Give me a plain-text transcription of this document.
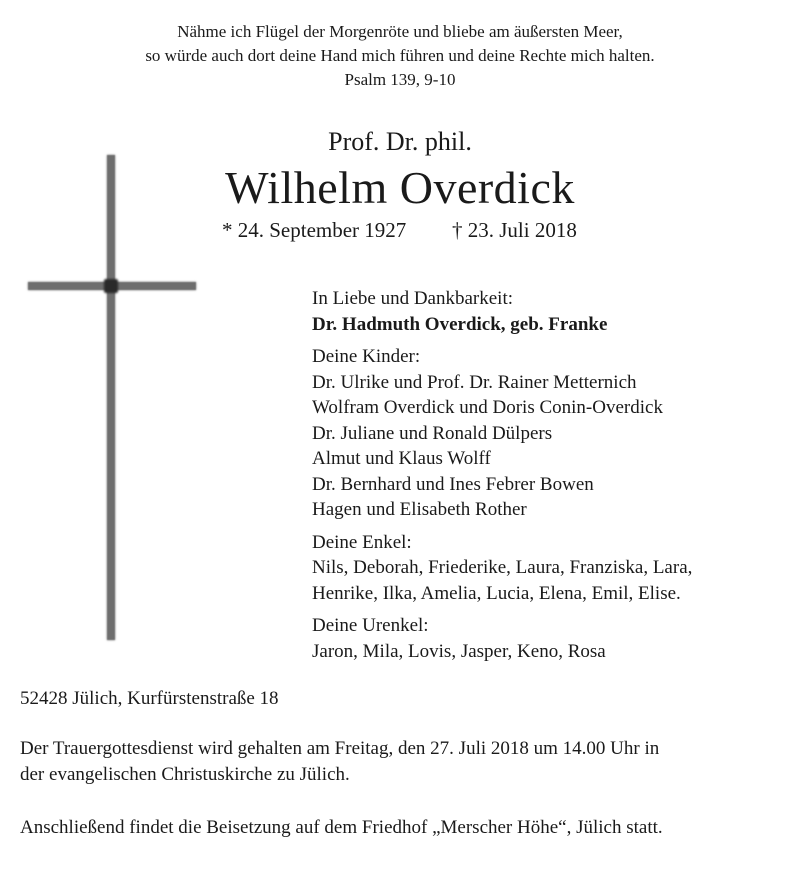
Nähme ich Flügel der Morgenröte und bliebe am äußersten Meer,
so würde auch dort deine Hand mich führen und deine Rechte mich halten.
Psalm 139, 9-10
Prof. Dr. phil.
Wilhelm Overdick
* 24. September 1927 † 23. Juli 2018
In Liebe und Dankbarkeit:
Dr. Hadmuth Overdick, geb. Franke
Deine Kinder:
Dr. Ulrike und Prof. Dr. Rainer Metternich
Wolfram Overdick und Doris Conin-Overdick
Dr. Juliane und Ronald Dülpers
Almut und Klaus Wolff
Dr. Bernhard und Ines Febrer Bowen
Hagen und Elisabeth Rother
Deine Enkel:
Nils, Deborah, Friederike, Laura, Franziska, Lara,
Henrike, Ilka, Amelia, Lucia, Elena, Emil, Elise.
Deine Urenkel:
Jaron, Mila, Lovis, Jasper, Keno, Rosa
52428 Jülich, Kurfürstenstraße 18
Der Trauergottesdienst wird gehalten am Freitag, den 27. Juli 2018 um 14.00 Uhr in
der evangelischen Christuskirche zu Jülich.
Anschließend findet die Beisetzung auf dem Friedhof „Merscher Höhe“, Jülich statt.
